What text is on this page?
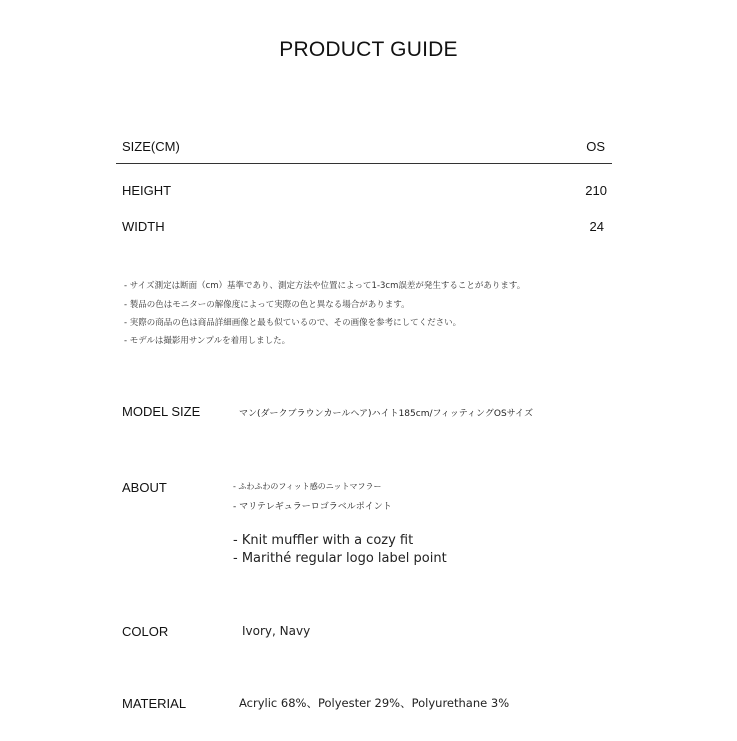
PRODUCT GUIDE
SIZE(CM)	OS
HEIGHT	210
WIDTH	24
- サイズ測定は断面（cm）基準であり、測定方法や位置によって1-3cm誤差が発生することがあります。
- 製品の色はモニターの解像度によって実際の色と異なる場合があります。
- 実際の商品の色は商品詳細画像と最も似ているので、その画像を参考にしてください。
- モデルは撮影用サンプルを着用しました。
MODEL SIZE	マン(ダークブラウンカールヘア)ハイト185cm/フィッティングOSサイズ
ABOUT	- ふわふわのフィット感のニットマフラー
- マリテレギュラーロゴラベルポイント
- Knit muffler with a cozy fit
- Marithé regular logo label point
COLOR	Ivory, Navy
MATERIAL	Acrylic 68%、Polyester 29%、Polyurethane 3%
